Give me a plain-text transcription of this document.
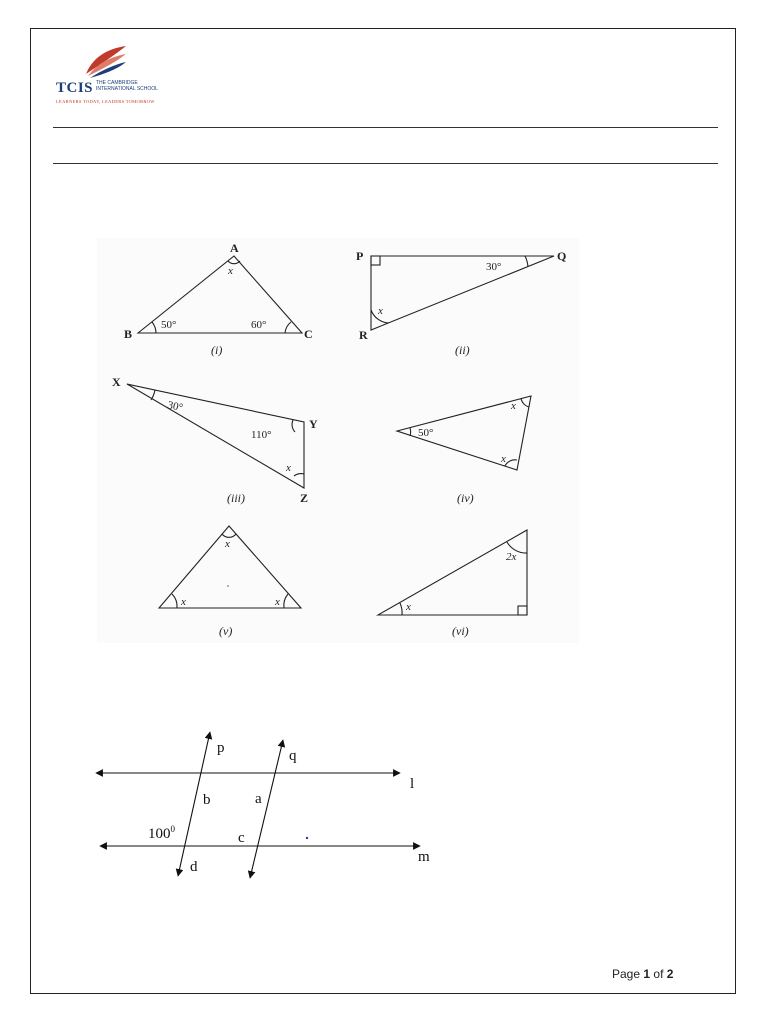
TCIS THE CAMBRIDGE
INTERNATIONAL SCHOOL
LEARNERS TODAY, LEADERS TOMORROW
A
B	C
x
50°	60°
(i)
P	Q
R
30°
x
(ii)
X
Y
Z
30°
110°
x
(iii)
50°
x
x
(iv)
x
x	x
(v)
2x
x
(vi)
p	q
l
m
b	a
c
d
$100^0$
Page 1 of 2
